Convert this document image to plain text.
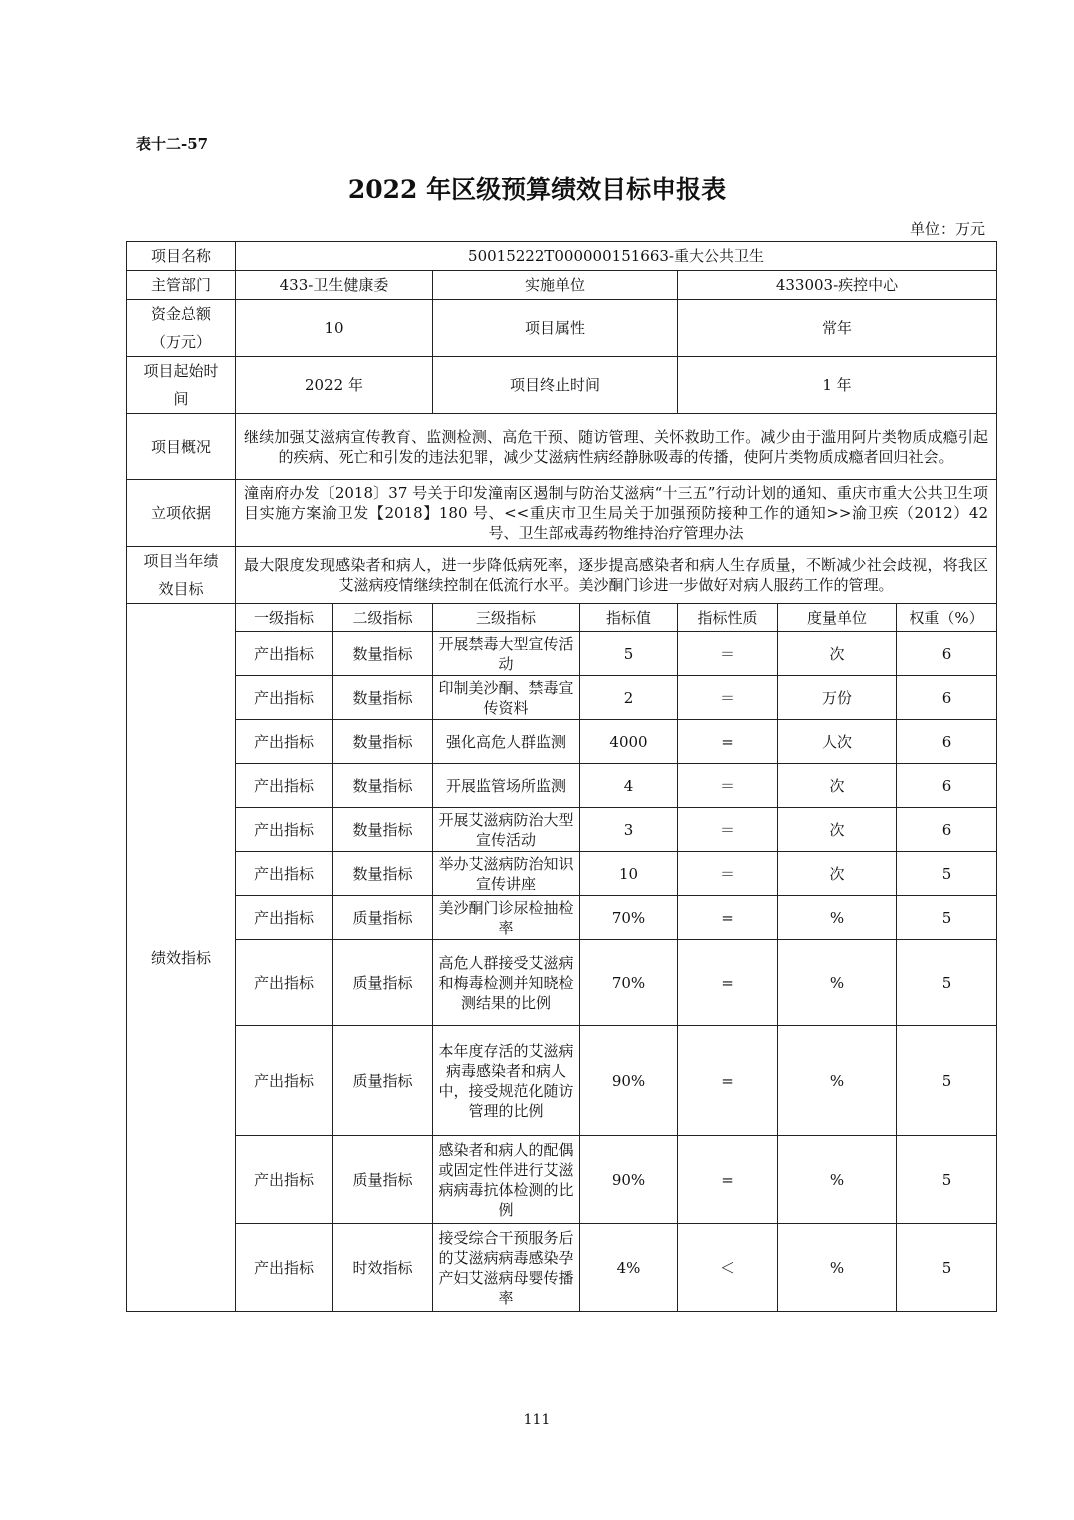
表十二-57
2022 年区级预算绩效目标申报表
单位：万元
项目名称	50015222T000000151663-重大公共卫生						
主管部门	433-卫生健康委		实施单位		433003-疾控中心		
资金总额（万元）	10		项目属性		常年		
项目起始时间	2022 年		项目终止时间		1 年		
项目概况	继续加强艾滋病宣传教育、监测检测、高危干预、随访管理、关怀救助工作。减少由于滥用阿片类物质成瘾引起的疾病、死亡和引发的违法犯罪，减少艾滋病性病经静脉吸毒的传播，使阿片类物质成瘾者回归社会。						
立项依据	潼南府办发〔2018〕37 号关于印发潼南区遏制与防治艾滋病“十三五”行动计划的通知、重庆市重大公共卫生项目实施方案渝卫发【2018】180 号、<<重庆市卫生局关于加强预防接种工作的通知>>渝卫疾（2012）42 号、卫生部戒毒药物维持治疗管理办法						
项目当年绩效目标	最大限度发现感染者和病人，进一步降低病死率，逐步提高感染者和病人生存质量，不断减少社会歧视，将我区艾滋病疫情继续控制在低流行水平。美沙酮门诊进一步做好对病人服药工作的管理。						
绩效指标	一级指标	二级指标	三级指标	指标值	指标性质	度量单位	权重（%）
	产出指标	数量指标	开展禁毒大型宣传活动	5	＝	次	6
	产出指标	数量指标	印制美沙酮、禁毒宣传资料	2	＝	万份	6
	产出指标	数量指标	强化高危人群监测	4000	=	人次	6
	产出指标	数量指标	开展监管场所监测	4	＝	次	6
	产出指标	数量指标	开展艾滋病防治大型宣传活动	3	＝	次	6
	产出指标	数量指标	举办艾滋病防治知识宣传讲座	10	＝	次	5
	产出指标	质量指标	美沙酮门诊尿检抽检率	70%	=	%	5
	产出指标	质量指标	高危人群接受艾滋病和梅毒检测并知晓检测结果的比例	70%	=	%	5
	产出指标	质量指标	本年度存活的艾滋病病毒感染者和病人中，接受规范化随访管理的比例	90%	=	%	5
	产出指标	质量指标	感染者和病人的配偶或固定性伴进行艾滋病病毒抗体检测的比例	90%	=	%	5
	产出指标	时效指标	接受综合干预服务后的艾滋病病毒感染孕产妇艾滋病母婴传播率	4%	＜	%	5
111
